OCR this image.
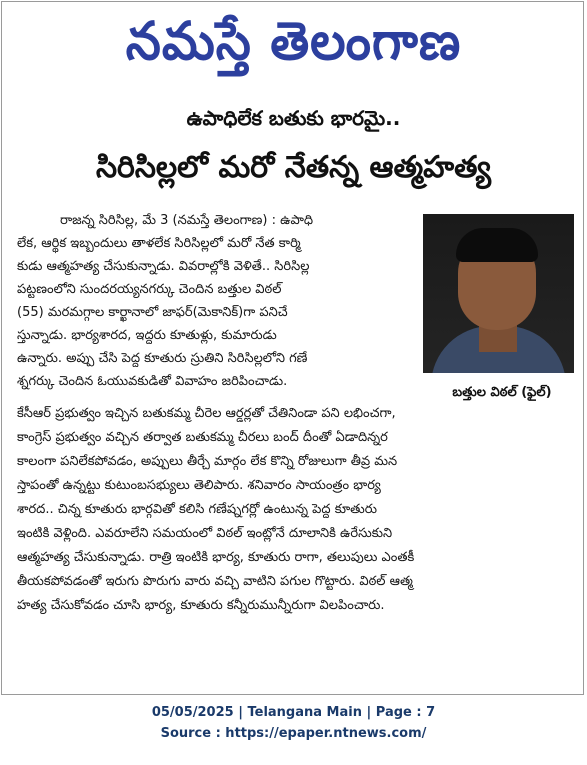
నమస్తే తెలంగాణ
ఉపాధిలేక బతుకు భారమై..
సిరిసిల్లలో మరో నేతన్న ఆత్మహత్య
రాజన్న సిరిసిల్ల, మే 3 (నమస్తే తెలంగాణ) : ఉపాధి
లేక, ఆర్థిక ఇబ్బందులు తాళలేక సిరిసిల్లలో మరో నేత కార్మి
కుడు ఆత్మహత్య చేసుకున్నాడు. వివరాల్లోకి వెళితే.. సిరిసిల్ల
పట్టణంలోని సుందరయ్యనగర్కు చెందిన బత్తుల విఠల్
(55) మరమగ్గాల కార్ఖానాలో జాఫర్(మెకానిక్)గా పనిచే
స్తున్నాడు. భార్యశారద, ఇద్దరు కూతుళ్లు, కుమారుడు
ఉన్నారు. అప్పు చేసి పెద్ద కూతురు స్రుతిని సిరిసిల్లలోని గణే
శ్నగర్కు చెందిన ఓయువకుడితో వివాహం జరిపించాడు.
బత్తుల విఠల్ (ఫైల్)
కేసీఆర్ ప్రభుత్వం ఇచ్చిన బతుకమ్మ చీరెల ఆర్డర్లతో చేతినిండా పని లభించగా,
కాంగ్రెస్ ప్రభుత్వం వచ్చిన తర్వాత బతుకమ్మ చీరలు బంద్ దీంతో ఏడాదిన్నర
కాలంగా పనిలేకపోవడం, అప్పులు తీర్చే మార్గం లేక కొన్ని రోజులుగా తీవ్ర మన
స్తాపంతో ఉన్నట్టు కుటుంబసభ్యులు తెలిపారు. శనివారం సాయంత్రం భార్య
శారద.. చిన్న కూతురు భార్గవితో కలిసి గణేష్నగర్లో ఉంటున్న పెద్ద కూతురు
ఇంటికి వెళ్లింది. ఎవరూలేని సమయంలో విఠల్ ఇంట్లోనే దూలానికి ఉరేసుకుని
ఆత్మహత్య చేసుకున్నాడు. రాత్రి ఇంటికి భార్య, కూతురు రాగా, తలుపులు ఎంతకీ
తీయకపోవడంతో ఇరుగు పొరుగు వారు వచ్చి వాటిని పగుల గొట్టారు. విఠల్ ఆత్మ
హత్య చేసుకోవడం చూసి భార్య, కూతురు కన్నీరుమున్నీరుగా విలపించారు.
05/05/2025 | Telangana Main | Page : 7
Source : https://epaper.ntnews.com/
